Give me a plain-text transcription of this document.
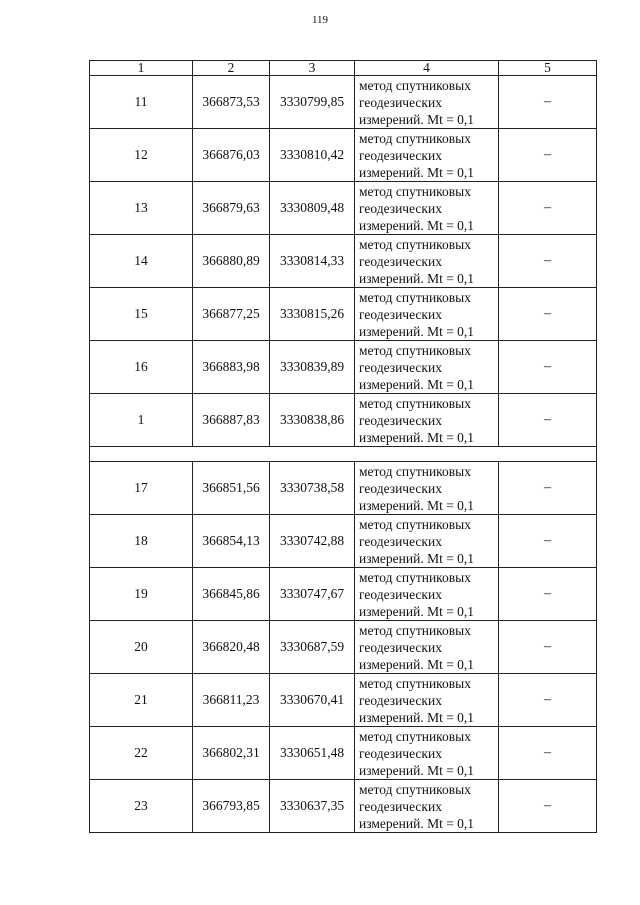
119
1	2	3	4	5
11	366873,53	3330799,85	метод спутниковых
геодезических
измерений. Mt = 0,1	–
12	366876,03	3330810,42	метод спутниковых
геодезических
измерений. Mt = 0,1	–
13	366879,63	3330809,48	метод спутниковых
геодезических
измерений. Mt = 0,1	–
14	366880,89	3330814,33	метод спутниковых
геодезических
измерений. Mt = 0,1	–
15	366877,25	3330815,26	метод спутниковых
геодезических
измерений. Mt = 0,1	–
16	366883,98	3330839,89	метод спутниковых
геодезических
измерений. Mt = 0,1	–
1	366887,83	3330838,86	метод спутниковых
геодезических
измерений. Mt = 0,1	–

17	366851,56	3330738,58	метод спутниковых
геодезических
измерений. Mt = 0,1	–
18	366854,13	3330742,88	метод спутниковых
геодезических
измерений. Mt = 0,1	–
19	366845,86	3330747,67	метод спутниковых
геодезических
измерений. Mt = 0,1	–
20	366820,48	3330687,59	метод спутниковых
геодезических
измерений. Mt = 0,1	–
21	366811,23	3330670,41	метод спутниковых
геодезических
измерений. Mt = 0,1	–
22	366802,31	3330651,48	метод спутниковых
геодезических
измерений. Mt = 0,1	–
23	366793,85	3330637,35	метод спутниковых
геодезических
измерений. Mt = 0,1	–
